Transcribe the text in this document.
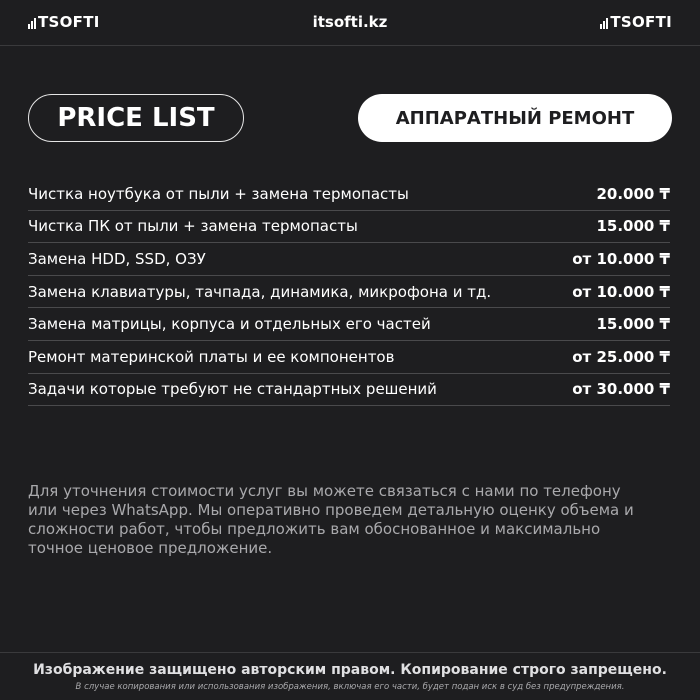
TSOFTI	itsofti.kz	TSOFTI
PRICE LIST	АППАРАТНЫЙ РЕМОНТ
Чистка ноутбука от пыли + замена термопасты	20.000 ₸
Чистка ПК от пыли + замена термопасты	15.000 ₸
Замена HDD, SSD, ОЗУ	от 10.000 ₸
Замена клавиатуры, тачпада, динамика, микрофона и тд.	от 10.000 ₸
Замена матрицы, корпуса и отдельных его частей	15.000 ₸
Ремонт материнской платы и ее компонентов	от 25.000 ₸
Задачи которые требуют не стандартных решений	от 30.000 ₸
Для уточнения стоимости услуг вы можете связаться с нами по телефону или через WhatsApp. Мы оперативно проведем детальную оценку объема и сложности работ, чтобы предложить вам обоснованное и максимально точное ценовое предложение.
Изображение защищено авторским правом. Копирование строго запрещено.
В случае копирования или использования изображения, включая его части, будет подан иск в суд без предупреждения.
